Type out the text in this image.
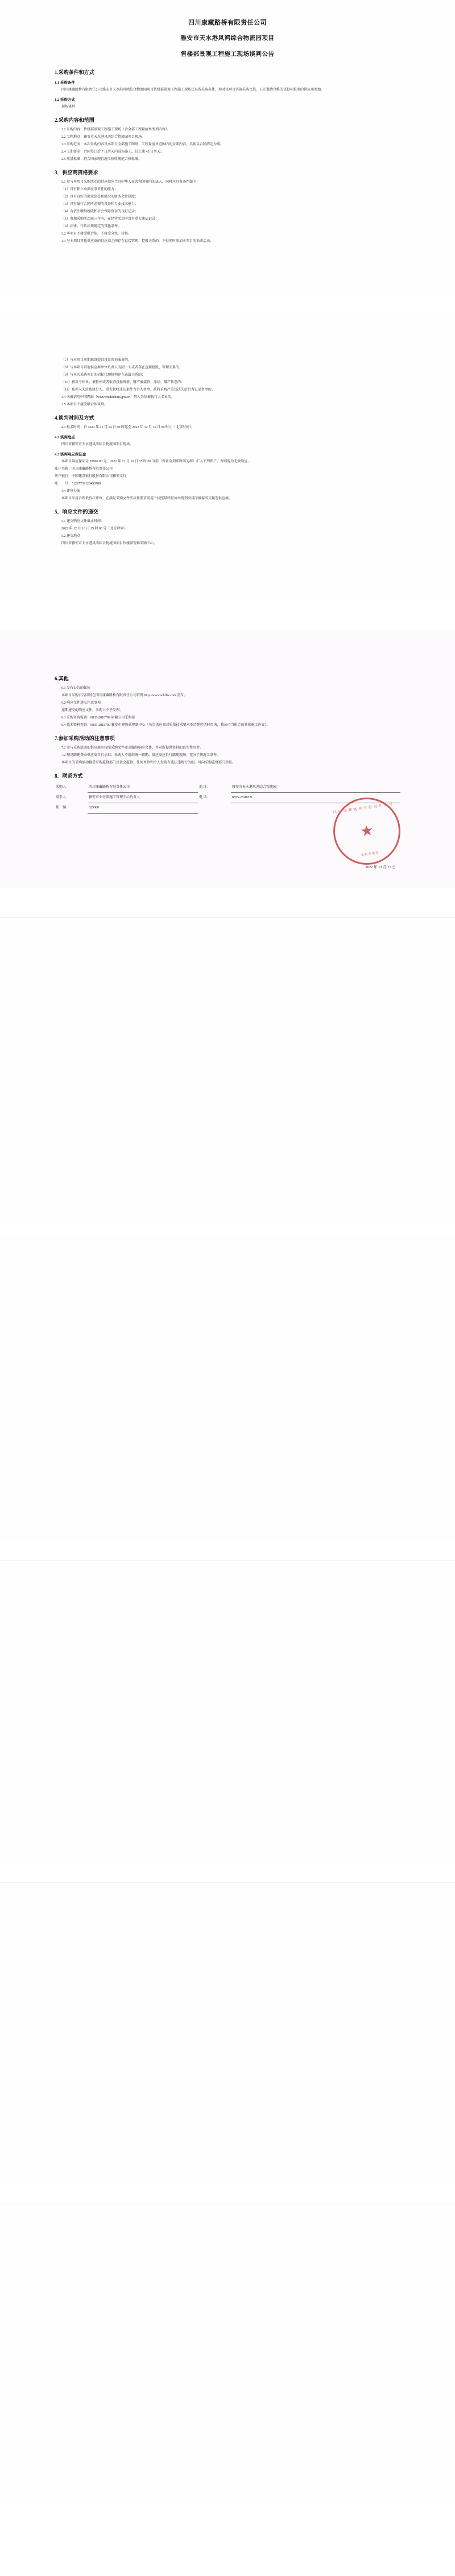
四川康藏路桥有限责任公司
雅安市天水港风鸿综合物流园项目
售楼部景观工程施工现场谈判公告
1.采购条件和方式
1.1 采购条件

四川康藏路桥有限责任公司雅安市天水港风鸿综合物流园项目售楼部景观工程施工现场已具备采购条件，现对该项目实施采购比选。公开邀请合格的该投标报名的供应商参加。

1.2 采购方式

现场谈判

2.采购内容和范围

2.1 采购内容：售楼部景观工程施工现场（含全部工程量清单所列内容）。

2.2 工程地点：雅安市天水港风鸿综合物流园项目现场。

2.3 采购范围：本次采购内容及本项目全部施工图纸、工程量清单范围内的全部内容，具体以合同约定为准。

2.4 工期要求：合同签订后 7 日历天内进场施工，总工期 45 日历天。

2.5 质量标准：符合国家现行施工验收规范合格标准。

3．供应商资格要求

3.1 参与本项目采购活动的供应商应当具中华人民共和国境内的法人，同时应具备条件如下：

（1）具有独立承担民事责任的能力；

（2）具有良好的商业信誉和健全的财务会计制度；

（3）具有履行合同所必需的设备和专业技术能力；

（4）有依法缴纳税收和社会保障资金的良好记录；

（5）参加采购活动前三年内，在经营活动中没有重大违法记录；

（6）法律、行政法规规定的其他条件。

3.2 本项目不接受联合体，不接受分包、转包。

3.3 与本项目其他供应商的供应商之间存在直接管理、控股关系的，不得同时参加本项目的采购活动。

（7）与本项目前期准备提供设计咨询服务的；

（8）与本项目其他供应商单位负责人为同一人或者存在直接控股、管理关系的；

（9）与本次采购项目的招标代理机构存在隶属关系的；

（10）被责令停业、被暂停或者取消投标资格、财产被接管、冻结、破产状态的；

（11）被列入失信被执行人、重大税收违法案件当事人名单、政府采购严重违法失信行为记录名单的。

3.4 未被信用中国网站（www.creditchina.gov.cn）列入失信被执行人名单的。

3.5 本项目不接受联合体谈判。

4.谈判时间及方式

4.1 报名时间：自 2022 年 12 月 14 日 00 时起至 2022 年 12 月 16 日 00 时止（北京时间）。

4.2 谈判地点

四川省雅安市天水港风鸿综合物流园项目现场。

4.3 谈判响应保证金

本项目响应保证金 50000.00 元，2022 年 12 月 16 日 15 时 00 分前（保证金到账时间为准）汇入下列账户，否则视为无效响应。

账户名称：四川康藏路桥有限责任公司

开户银行：中国建设银行股份有限公司雅安支行

账　　号：51227739123456789

4.4 评审办法

本项目采用合理低价法评审，在满足采购文件实质性要求前提下按照最终报价由低到高排序推荐成交候选供应商。

5．响应文件的递交

5.1 递交响应文件截止时间：

2022 年 12 月 16 日 15 时 00 分（北京时间）

5.2 递交地点

四川省雅安市天水港风鸿综合物流园项目售楼部现场采购中心。

6.其他

6.1 发布公告的媒体

本项目采购公告同时在四川康藏路桥有限责任公司官网 http://www.scklfw.com 发布。

6.2 响应文件递交注意事项

逾期递交的响应文件，采购人不予受理。

6.3 采购咨询电话：0835-2818709 康藏公司采购部

6.4 技术资料查询：0835-2818709 雅安市建筑景观制中心（负责供应商对质量技术要求不清楚可适时咨询，我公司当配合该具体施工内容）。

7.参加采购活动的注意事项

7.1 参与采购活动的供应商应按照采购文件要求编制响应文件，并对所提供资料的真实性负责。

7.2 现场踏勘费由供应商自行承担，采购人不组织统一踏勘。供应商应自行踏勘现场，充分了解施工条件。

本项目的采购活动接受采购监督部门及社会监督，任何单位和个人发现有违法违规行为的，可向采购监督部门举报。

8．联系方式
采购人：	四川康藏路桥有限责任公司	地 址：	雅安市天水港风鸿综合物流园
联系人：	雅安市业务部施工管理中心负责人	电 话：	0835-2818709
邮　编：	625000			四川康藏路桥有限责任公司
★
采购专用章
2022 年 12 月 13 日
